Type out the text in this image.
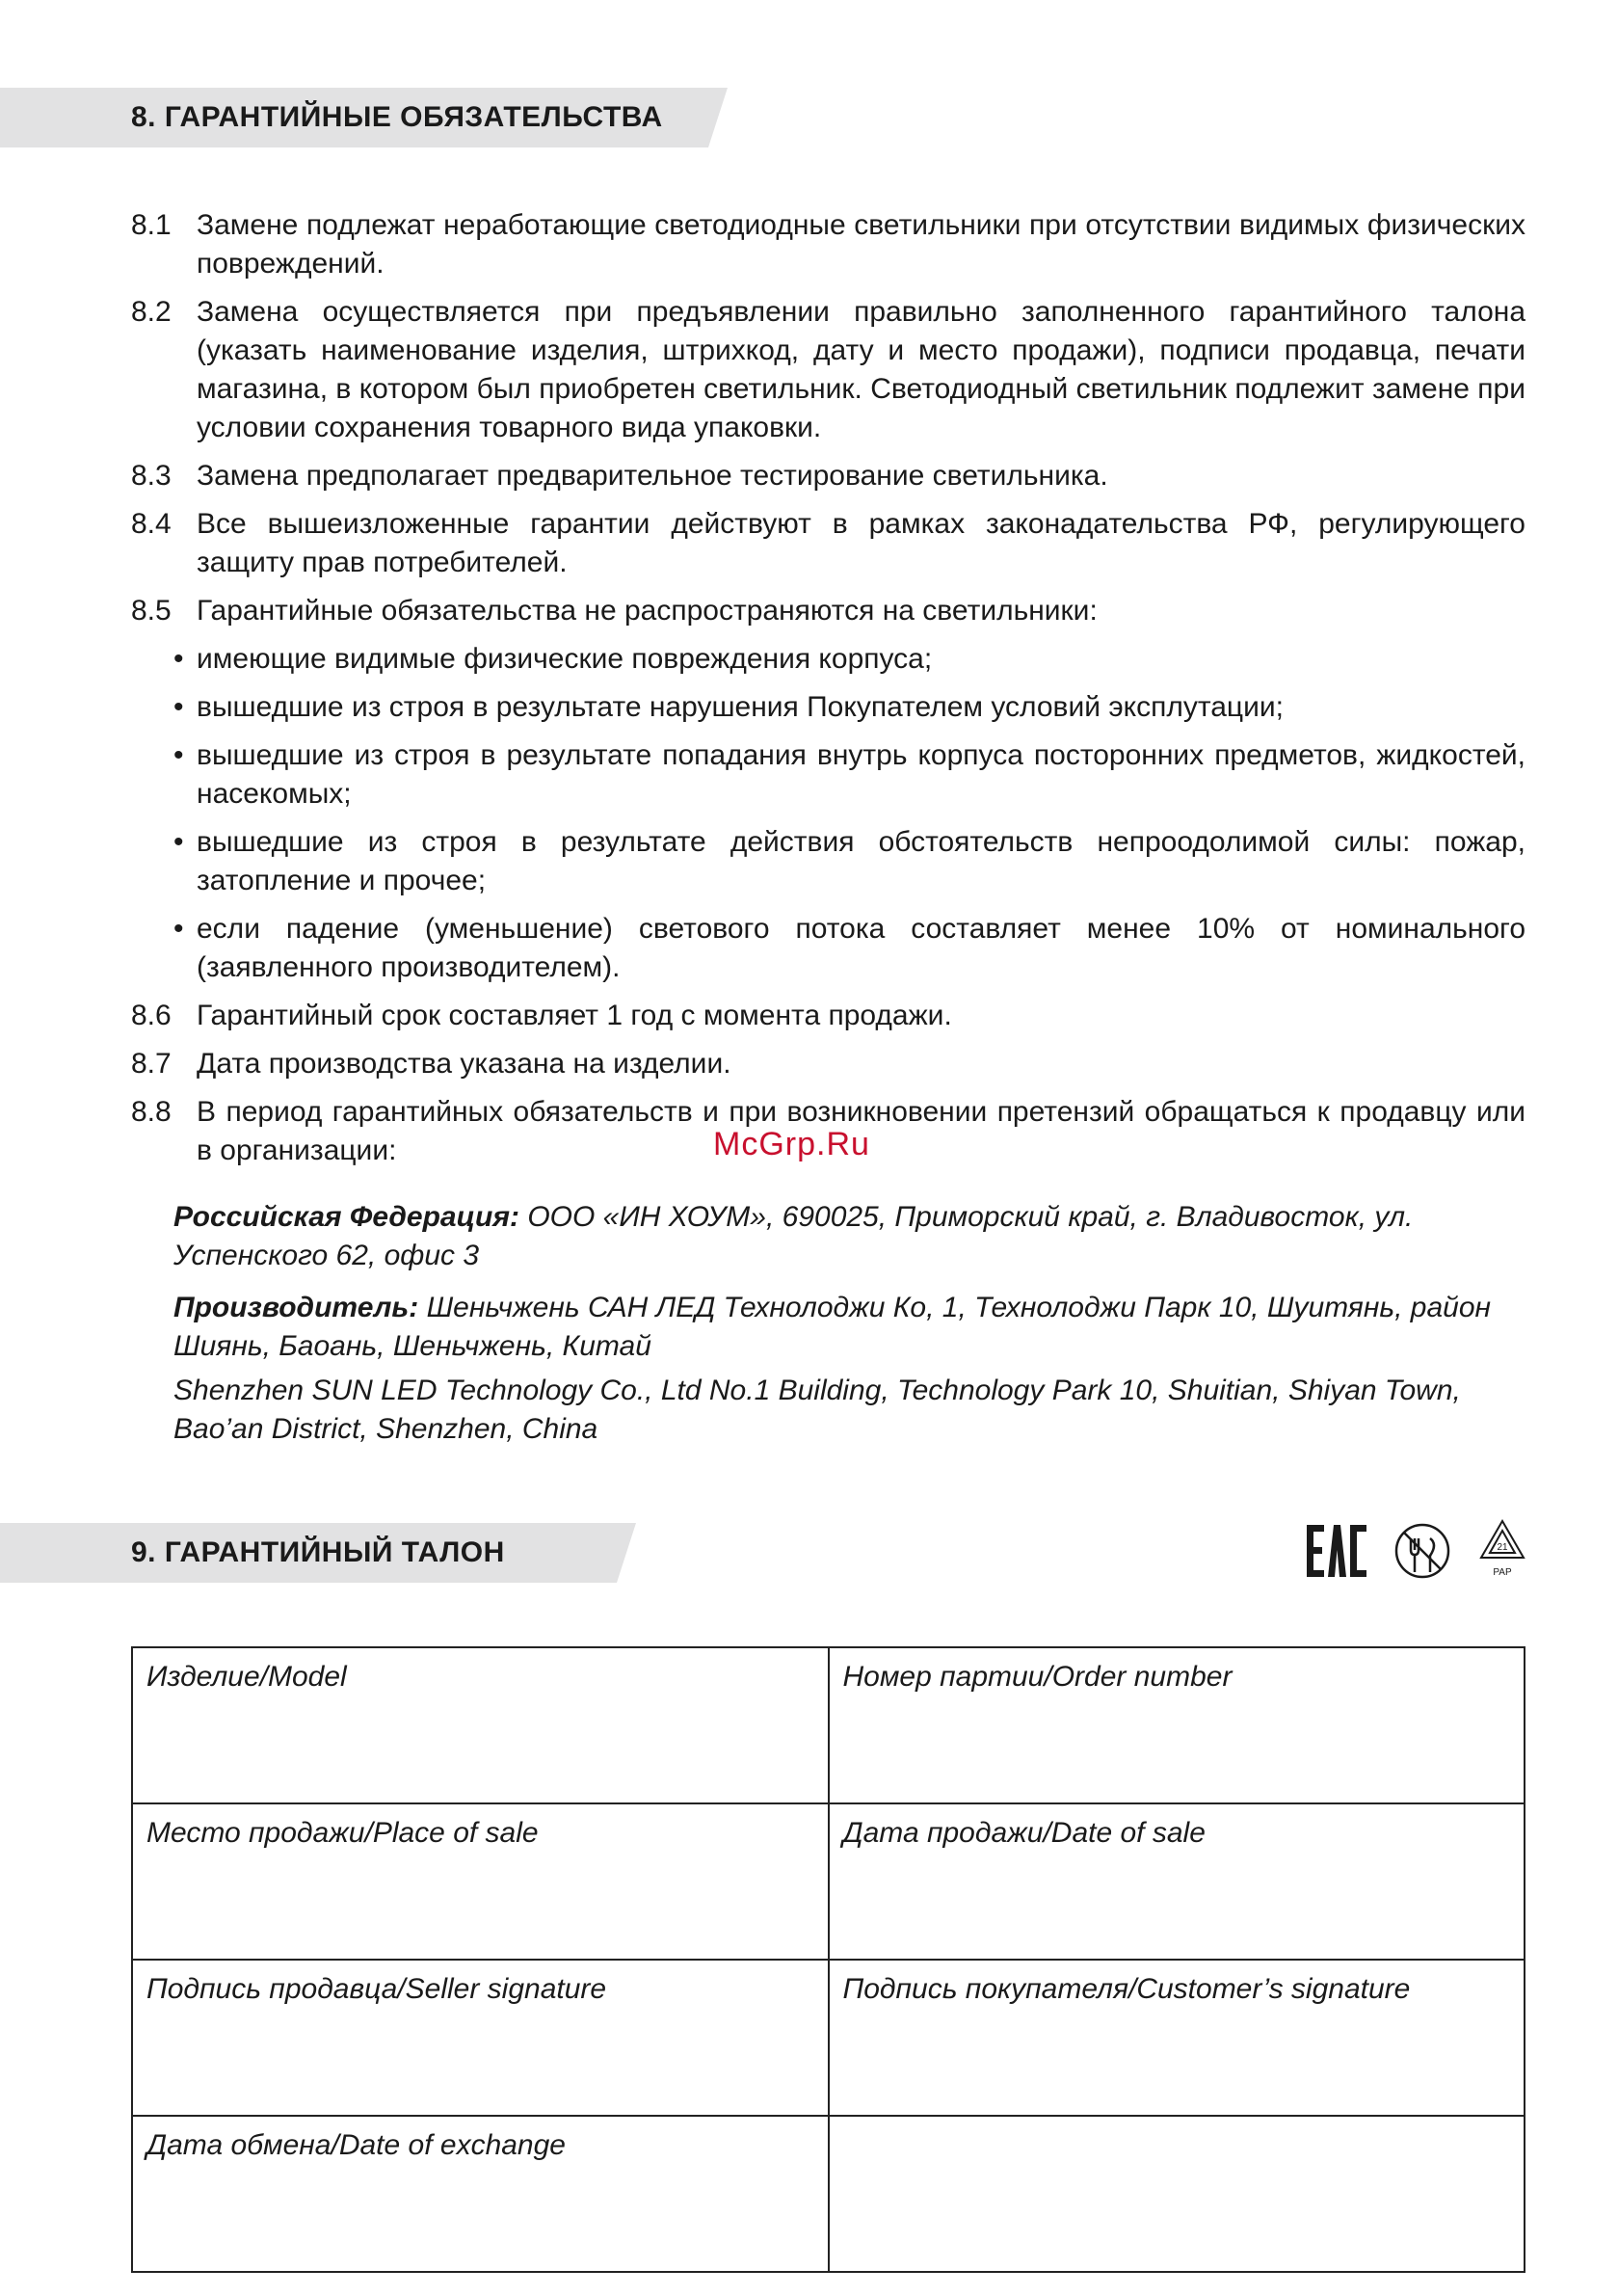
8. ГАРАНТИЙНЫЕ ОБЯЗАТЕЛЬСТВА
8.1 Замене подлежат неработающие светодиодные светильники при отсутствии видимых физических повреждений.
8.2 Замена осуществляется при предъявлении правильно заполненного гарантийного талона (указать наименование изделия, штрихкод, дату и место продажи), подписи продавца, печати магазина, в котором был приобретен светильник. Светодиодный светильник подлежит замене при условии сохранения товарного вида упаковки.
8.3 Замена предполагает предварительное тестирование светильника.
8.4 Все вышеизложенные гарантии действуют в рамках законадательства РФ, регулирующего защиту прав потребителей.
8.5 Гарантийные обязательства не распространяются на светильники:
• имеющие видимые физические повреждения корпуса;
• вышедшие из строя в результате нарушения Покупателем условий эксплутации;
• вышедшие из строя в результате попадания внутрь корпуса посторонних предметов, жидкостей, насекомых;
• вышедшие из строя в результате действия обстоятельств непроодолимой силы: пожар, затопление и прочее;
• если падение (уменьшение) светового потока составляет менее 10% от номинального (заявленного производителем).
8.6 Гарантийный срок составляет 1 год с момента продажи.
8.7 Дата производства указана на изделии.
8.8 В период гарантийных обязательств и при возникновении претензий обращаться к продавцу или в организации:	McGrp.Ru
Российская Федерация: ООО «ИН ХОУМ», 690025, Приморский край, г. Владивосток, ул. Успенского 62, офис 3
Производитель: Шеньчжень САН ЛЕД Технолоджи Ко, 1, Технолоджи Парк 10, Шуитянь, район Шиянь, Баоань, Шеньчжень, Китай
Shenzhen SUN LED Technology Co., Ltd No.1 Building, Technology Park 10, Shuitian, Shiyan Town, Bao’an District, Shenzhen, China
9. ГАРАНТИЙНЫЙ ТАЛОН	21
PAP
Изделие/Model	Номер партии/Order number
Место продажи/Place of sale	Дата продажи/Date of sale
Подпись продавца/Seller signature	Подпись покупателя/Customer’s signature
Дата обмена/Date of exchange	
